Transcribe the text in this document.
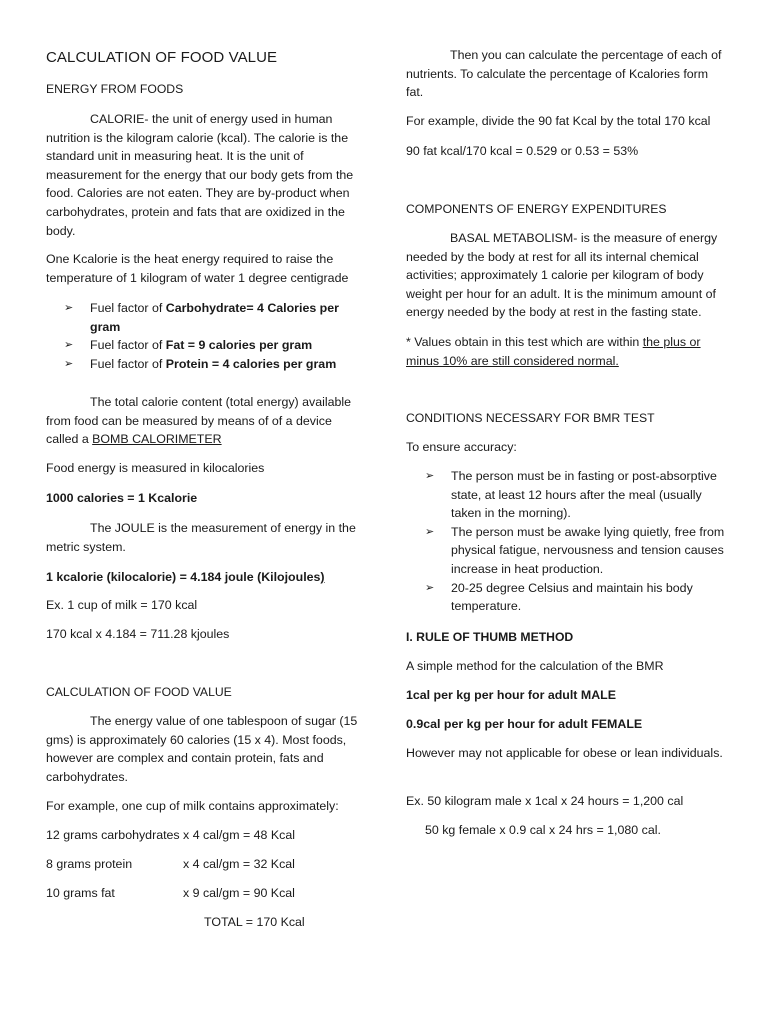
CALCULATION OF FOOD VALUE
ENERGY FROM FOODS

CALORIE- the unit of energy used in human nutrition is the kilogram calorie (kcal). The calorie is the standard unit in measuring heat. It is the unit of measurement for the energy that our body gets from the food. Calories are not eaten. They are by-product when carbohydrates, protein and fats that are oxidized in the body.

One Kcalorie is the heat energy required to raise the temperature of 1 kilogram of water 1 degree centigrade

➢	Fuel factor of Carbohydrate= 4 Calories per gram
➢	Fuel factor of Fat = 9 calories per gram
➢	Fuel factor of Protein = 4 calories per gram

The total calorie content (total energy) available from food can be measured by means of of a device called a BOMB CALORIMETER

Food energy is measured in kilocalories

1000 calories = 1 Kcalorie

The JOULE is the measurement of energy in the metric system.

1 kcalorie (kilocalorie) = 4.184 joule (Kilojoules)

Ex. 1 cup of milk = 170 kcal

170 kcal x 4.184 = 711.28 kjoules

CALCULATION OF FOOD VALUE

The energy value of one tablespoon of sugar (15 gms) is approximately 60 calories (15 x 4). Most foods, however are complex and contain protein, fats and carbohydrates.

For example, one cup of milk contains approximately:

12 grams carbohydrates x 4 cal/gm = 48 Kcal

8 grams protein	x 4 cal/gm = 32 Kcal

10 grams fat	x 9 cal/gm = 90 Kcal

TOTAL = 170 Kcal

Then you can calculate the percentage of each of nutrients. To calculate the percentage of Kcalories form fat.

For example, divide the 90 fat Kcal by the total 170 kcal

90 fat kcal/170 kcal = 0.529 or 0.53 = 53%

COMPONENTS OF ENERGY EXPENDITURES

BASAL METABOLISM- is the measure of energy needed by the body at rest for all its internal chemical activities; approximately 1 calorie per kilogram of body weight per hour for an adult. It is the minimum amount of energy needed by the body at rest in the fasting state.

* Values obtain in this test which are within the plus or minus 10% are still considered normal.

CONDITIONS NECESSARY FOR BMR TEST

To ensure accuracy:

➢	The person must be in fasting or post-absorptive state, at least 12 hours after the meal (usually taken in the morning).
➢	The person must be awake lying quietly, free from physical fatigue, nervousness and tension causes increase in heat production.
➢	20-25 degree Celsius and maintain his body temperature.
I. RULE OF THUMB METHOD

A simple method for the calculation of the BMR

1cal per kg per hour for adult MALE

0.9cal per kg per hour for adult FEMALE

However may not applicable for obese or lean individuals.

Ex. 50 kilogram male x 1cal x 24 hours = 1,200 cal

50 kg female x 0.9 cal x 24 hrs = 1,080 cal.
